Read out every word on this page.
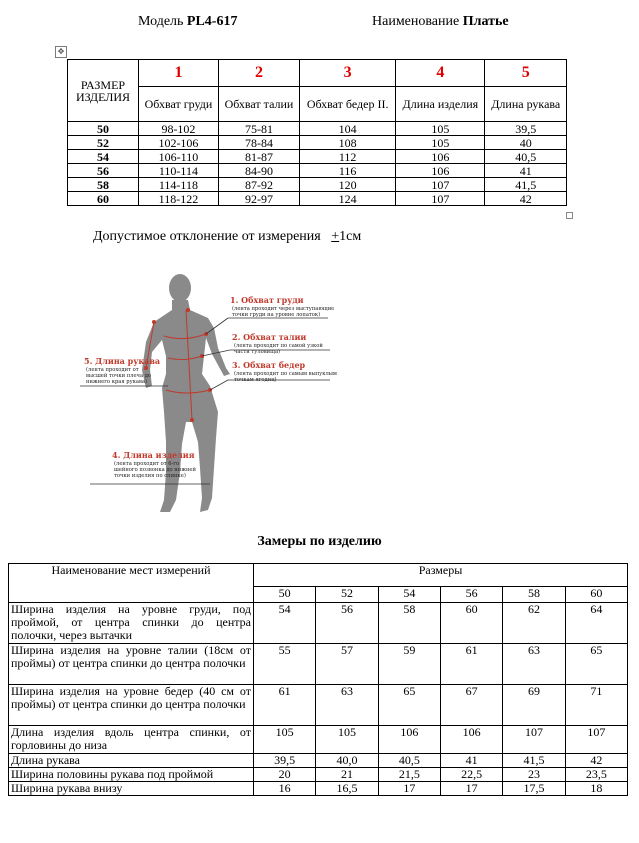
Модель PL4-617	Наименование Платье
✥
РАЗМЕР ИЗДЕЛИЯ	1	2	3	4	5
	Обхват груди	Обхват талии	Обхват бедер II.	Длина изделия	Длина рукава
50	98-102	75-81	104	105	39,5
52	102-106	78-84	108	105	40
54	106-110	81-87	112	106	40,5
56	110-114	84-90	116	106	41
58	114-118	87-92	120	107	41,5
60	118-122	92-97	124	107	42
Допустимое отклонение от измерения +1см
1. Обхват груди
(лента проходит через выступающие
точки груди на уровне лопаток)
2. Обхват талии
(лента проходит по самой узкой
части туловища)
3. Обхват бедер
(лента проходит по самым выпуклым
точкам ягодиц)
5. Длина рукава
(лента проходит от
высшей точки плеча до
нижнего края рукава)
4. Длина изделия
(лента проходит от 6-го
шейного позвонка до нижней
точки изделия по спинке)
Замеры по изделию
Наименование мест измерений	Размеры					
	50	52	54	56	58	60
Ширина изделия на уровне груди, под проймой, от центра спинки до центра полочки, через вытачки	54	56	58	60	62	64
Ширина изделия на уровне талии (18см от проймы) от центра спинки до центра полочки	55	57	59	61	63	65
Ширина изделия на уровне бедер (40 см от проймы) от центра спинки до центра полочки	61	63	65	67	69	71
Длина изделия вдоль центра спинки, от горловины до низа	105	105	106	106	107	107
Длина рукава	39,5	40,0	40,5	41	41,5	42
Ширина половины рукава под проймой	20	21	21,5	22,5	23	23,5
Ширина рукава внизу	16	16,5	17	17	17,5	18
